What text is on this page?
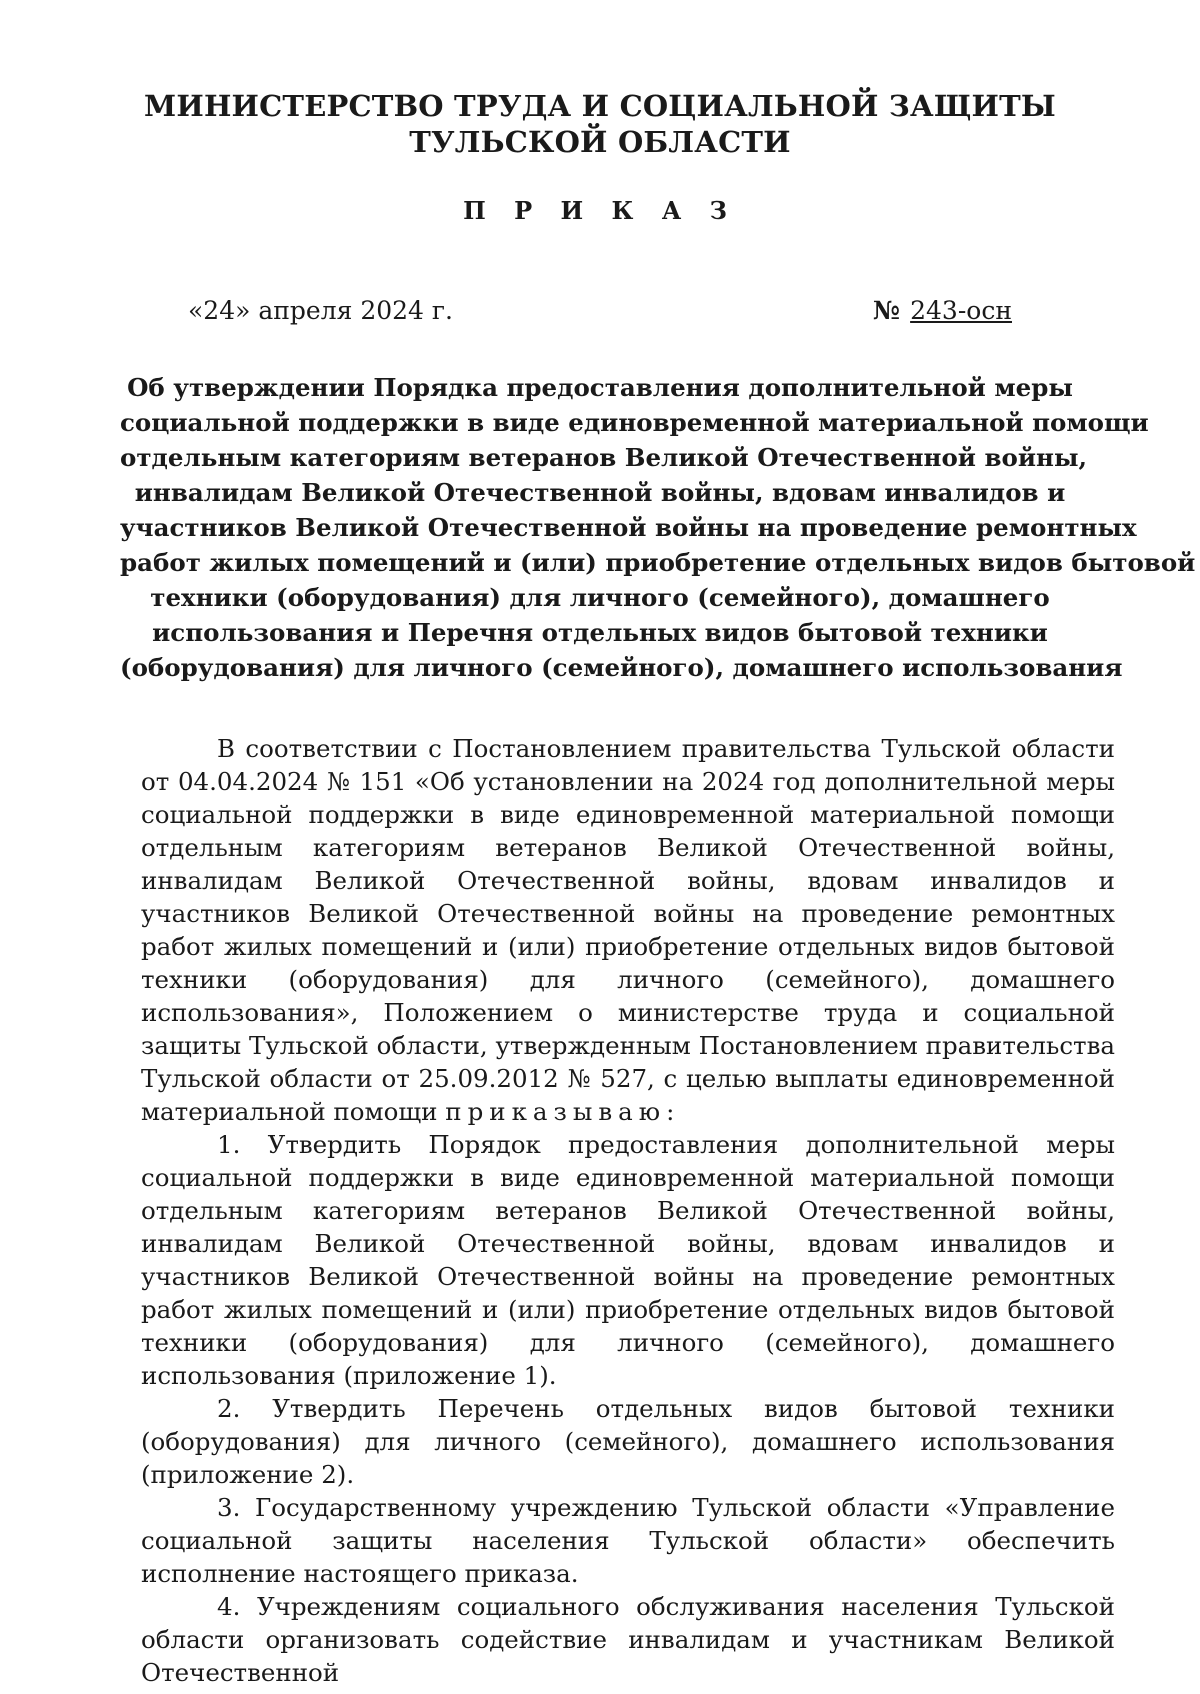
МИНИСТЕРСТВО ТРУДА И СОЦИАЛЬНОЙ ЗАЩИТЫ
ТУЛЬСКОЙ ОБЛАСТИ
П Р И К А З
«24» апреля 2024 г.	№ 243-осн
Об утверждении Порядка предоставления дополнительной меры
социальной поддержки в виде единовременной материальной помощи
отдельным категориям ветеранов Великой Отечественной войны,
инвалидам Великой Отечественной войны, вдовам инвалидов и
участников Великой Отечественной войны на проведение ремонтных
работ жилых помещений и (или) приобретение отдельных видов бытовой
техники (оборудования) для личного (семейного), домашнего
использования и Перечня отдельных видов бытовой техники
(оборудования) для личного (семейного), домашнего использования

В соответствии с Постановлением правительства Тульской области от 04.04.2024 № 151 «Об установлении на 2024 год дополнительной меры социальной поддержки в виде единовременной материальной помощи отдельным категориям ветеранов Великой Отечественной войны, инвалидам Великой Отечественной войны, вдовам инвалидов и участников Великой Отечественной войны на проведение ремонтных работ жилых помещений и (или) приобретение отдельных видов бытовой техники (оборудования) для личного (семейного), домашнего использования», Положением о министерстве труда и социальной защиты Тульской области, утвержденным Постановлением правительства Тульской области от 25.09.2012 № 527, с целью выплаты единовременной материальной помощи приказываю:

1. Утвердить Порядок предоставления дополнительной меры социальной поддержки в виде единовременной материальной помощи отдельным категориям ветеранов Великой Отечественной войны, инвалидам Великой Отечественной войны, вдовам инвалидов и участников Великой Отечественной войны на проведение ремонтных работ жилых помещений и (или) приобретение отдельных видов бытовой техники (оборудования) для личного (семейного), домашнего использования (приложение 1).

2. Утвердить Перечень отдельных видов бытовой техники (оборудования) для личного (семейного), домашнего использования (приложение 2).

3. Государственному учреждению Тульской области «Управление социальной защиты населения Тульской области» обеспечить исполнение настоящего приказа.

4. Учреждениям социального обслуживания населения Тульской области организовать содействие инвалидам и участникам Великой Отечественной
